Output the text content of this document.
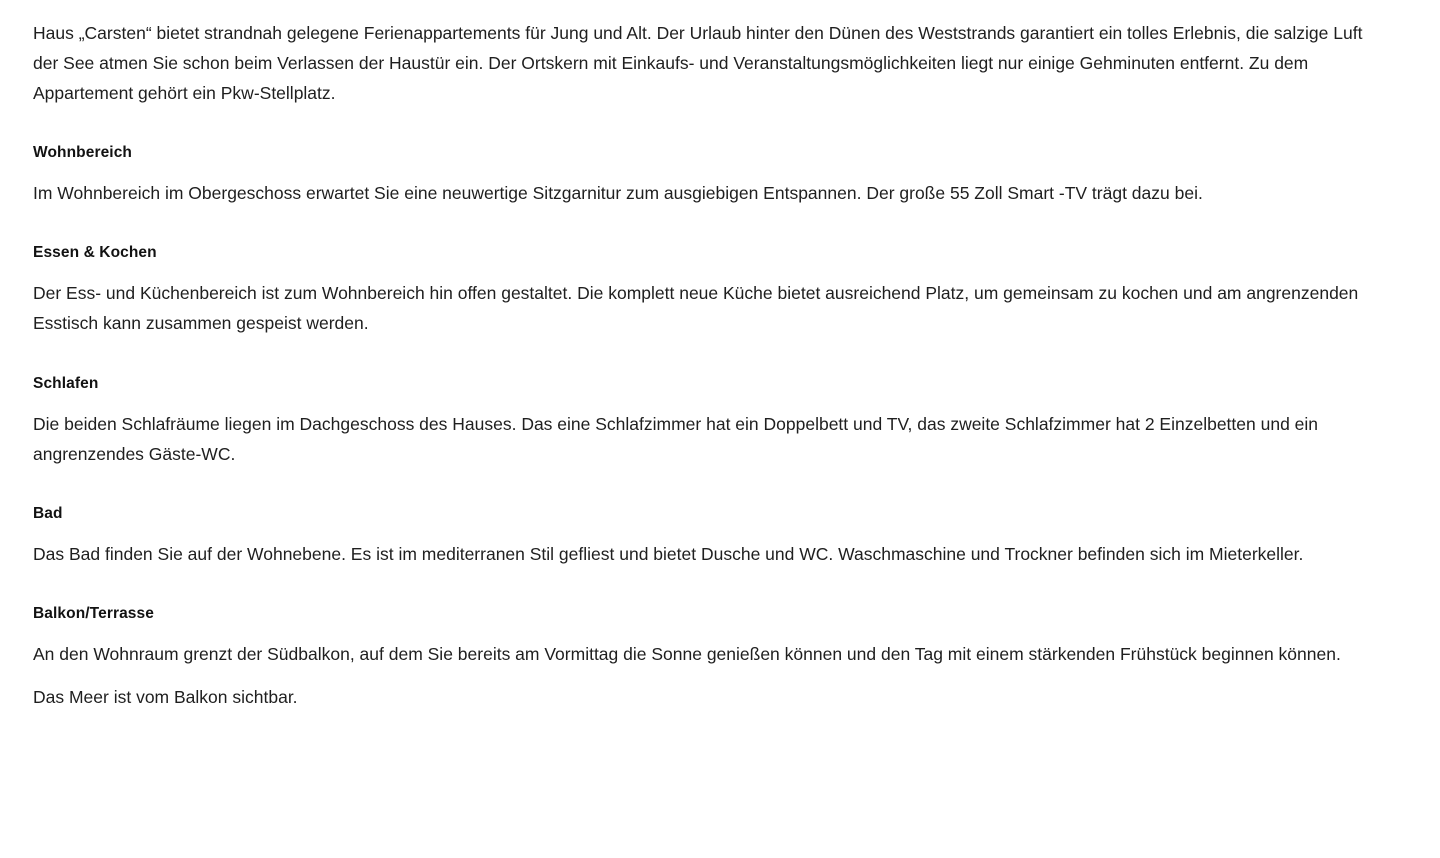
Haus „Carsten“ bietet strandnah gelegene Ferienappartements für Jung und Alt. Der Urlaub hinter den Dünen des Weststrands garantiert ein tolles Erlebnis, die salzige Luft der See atmen Sie schon beim Verlassen der Haustür ein. Der Ortskern mit Einkaufs- und Veranstaltungsmöglichkeiten liegt nur einige Gehminuten entfernt. Zu dem Appartement gehört ein Pkw-Stellplatz.

Wohnbereich

Im Wohnbereich im Obergeschoss erwartet Sie eine neuwertige Sitzgarnitur zum ausgiebigen Entspannen. Der große 55 Zoll Smart -TV trägt dazu bei.

Essen & Kochen

Der Ess- und Küchenbereich ist zum Wohnbereich hin offen gestaltet. Die komplett neue Küche bietet ausreichend Platz, um gemeinsam zu kochen und am angrenzenden Esstisch kann zusammen gespeist werden.

Schlafen

Die beiden Schlafräume liegen im Dachgeschoss des Hauses. Das eine Schlafzimmer hat ein Doppelbett und TV, das zweite Schlafzimmer hat 2 Einzelbetten und ein angrenzendes Gäste-WC.

Bad

Das Bad finden Sie auf der Wohnebene. Es ist im mediterranen Stil gefliest und bietet Dusche und WC. Waschmaschine und Trockner befinden sich im Mieterkeller.

Balkon/Terrasse

An den Wohnraum grenzt der Südbalkon, auf dem Sie bereits am Vormittag die Sonne genießen können und den Tag mit einem stärkenden Frühstück beginnen können.

Das Meer ist vom Balkon sichtbar.
